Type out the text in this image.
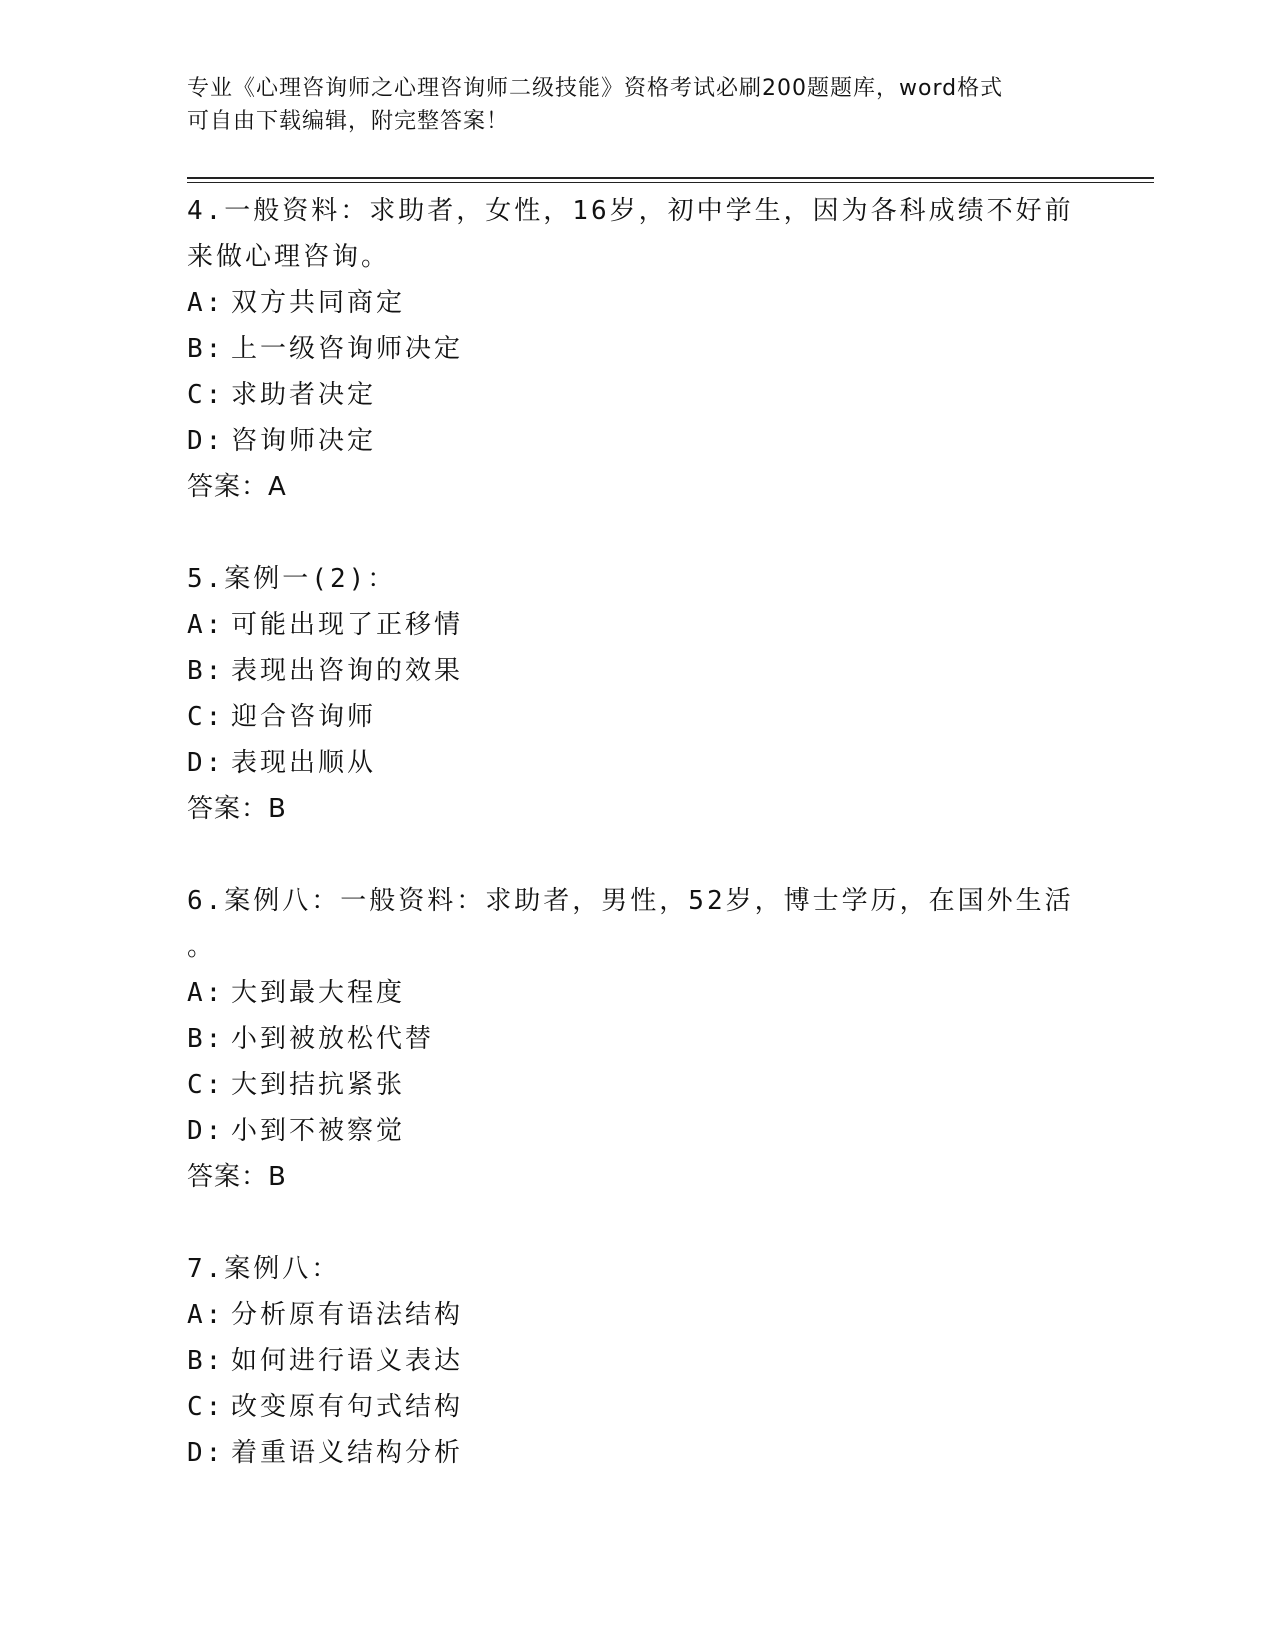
专业《心理咨询师之心理咨询师二级技能》资格考试必刷200题题库，word格式
可自由下载编辑，附完整答案！
4.一般资料：求助者，女性，16岁，初中学生，因为各科成绩不好前
来做心理咨询。
A: 双方共同商定
B: 上一级咨询师决定
C: 求助者决定
D: 咨询师决定
答案：A
5.案例一(2)：
A: 可能出现了正移情
B: 表现出咨询的效果
C: 迎合咨询师
D: 表现出顺从
答案：B
6.案例八：一般资料：求助者，男性，52岁，博士学历，在国外生活
。
A: 大到最大程度
B: 小到被放松代替
C: 大到拮抗紧张
D: 小到不被察觉
答案：B
7.案例八：
A: 分析原有语法结构
B: 如何进行语义表达
C: 改变原有句式结构
D: 着重语义结构分析
